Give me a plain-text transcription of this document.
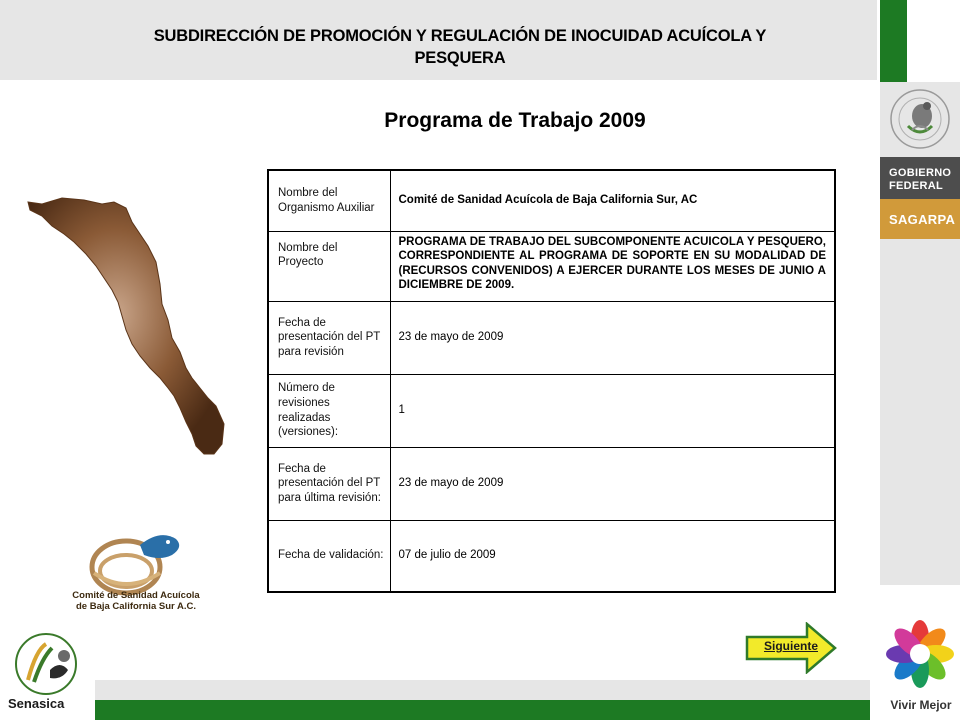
SUBDIRECCIÓN DE PROMOCIÓN Y REGULACIÓN DE INOCUIDAD ACUÍCOLA Y
PESQUERA
GOBIERNO
FEDERAL
SAGARPA
Programa de Trabajo 2009
Comité de Sanidad Acuícola
de Baja California Sur A.C.
Nombre del Organismo Auxiliar	Comité de Sanidad Acuícola de Baja California Sur, AC
Nombre del Proyecto	PROGRAMA DE TRABAJO DEL SUBCOMPONENTE ACUICOLA Y PESQUERO, CORRESPONDIENTE AL PROGRAMA DE SOPORTE EN SU MODALIDAD DE (RECURSOS CONVENIDOS) A EJERCER DURANTE LOS MESES DE JUNIO A DICIEMBRE DE 2009.
Fecha de presentación del PT para revisión	23 de mayo de 2009
Número de revisiones realizadas (versiones):	1
Fecha de presentación del PT para última revisión:	23 de mayo de 2009
Fecha de validación:	07 de julio de 2009
Siguiente
Senasica	Vivir Mejor
